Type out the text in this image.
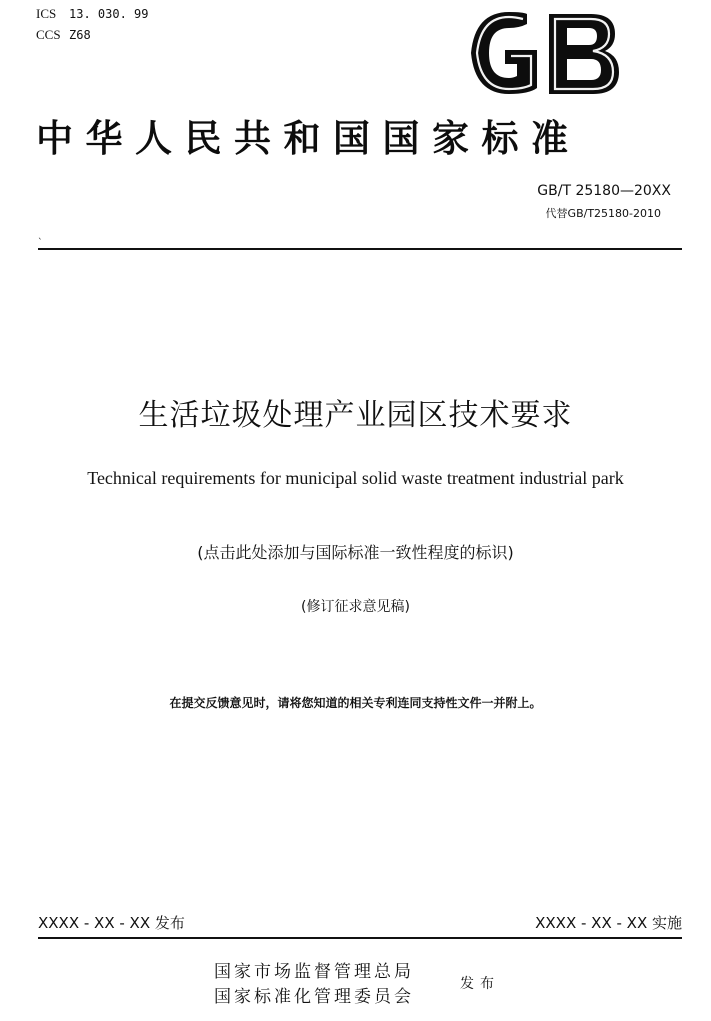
ICS 13. 030. 99
CCS Z68
中华人民共和国国家标准
GB/T 25180—20XX
代替GB/T25180-2010
`
生活垃圾处理产业园区技术要求
Technical requirements for municipal solid waste treatment industrial park
(点击此处添加与国际标准一致性程度的标识)
(修订征求意见稿)
在提交反馈意见时，请将您知道的相关专利连同支持性文件一并附上。
XXXX - XX - XX 发布	XXXX - XX - XX 实施
国家市场监督管理总局
国家标准化管理委员会
发布
